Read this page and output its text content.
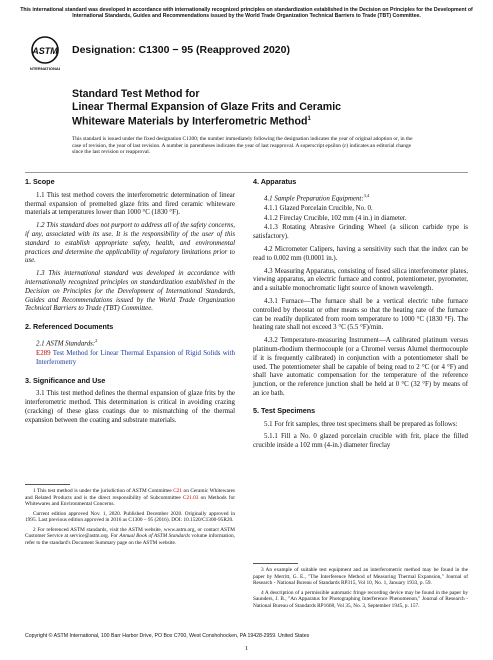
This international standard was developed in accordance with internationally recognized principles on standardization established in the Decision on Principles for the Development of International Standards, Guides and Recommendations issued by the World Trade Organization Technical Barriers to Trade (TBT) Committee.
ASTM
INTERNATIONAL
Designation: C1300 − 95 (Reapproved 2020)
Standard Test Method for
Linear Thermal Expansion of Glaze Frits and Ceramic
Whiteware Materials by Interferometric Method$^1$
This standard is issued under the fixed designation C1300; the number immediately following the designation indicates the year of original adoption or, in the case of revision, the year of last revision. A number in parentheses indicates the year of last reapproval. A superscript epsilon (ε) indicates an editorial change since the last revision or reapproval.
1. Scope

1.1 This test method covers the interferometric determination of linear thermal expansion of premelted glaze frits and fired ceramic whiteware materials at temperatures lower than 1000 °C (1830 °F).

1.2 This standard does not purport to address all of the safety concerns, if any, associated with its use. It is the responsibility of the user of this standard to establish appropriate safety, health, and environmental practices and determine the applicability of regulatory limitations prior to use.

1.3 This international standard was developed in accordance with internationally recognized principles on standardization established in the Decision on Principles for the Development of International Standards, Guides and Recommendations issued by the World Trade Organization Technical Barriers to Trade (TBT) Committee.

2. Referenced Documents

2.1 ASTM Standards:$^2$

E289 Test Method for Linear Thermal Expansion of Rigid Solids with Interferometry
3. Significance and Use

3.1 This test method defines the thermal expansion of glaze frits by the interferometric method. This determination is critical in avoiding crazing (cracking) of these glass coatings due to mismatching of the thermal expansion between the coating and substrate materials.

1 This test method is under the jurisdiction of ASTM Committee C21 on Ceramic Whitewares and Related Products and is the direct responsibility of Subcommittee C21.03 on Methods for Whitewares and Environmental Concerns.

Current edition approved Nov. 1, 2020. Published December 2020. Originally approved in 1995. Last previous edition approved in 2016 as C1300 – 95 (2016). DOI: 10.1520/C1300-95R20.

2 For referenced ASTM standards, visit the ASTM website, www.astm.org, or contact ASTM Customer Service at service@astm.org. For Annual Book of ASTM Standards volume information, refer to the standard's Document Summary page on the ASTM website.

4. Apparatus

4.1 Sample Preparation Equipment:$^{3,4}$

4.1.1 Glazed Porcelain Crucible, No. 0.

4.1.2 Fireclay Crucible, 102 mm (4 in.) in diameter.

4.1.3 Rotating Abrasive Grinding Wheel (a silicon carbide type is satisfactory).

4.2 Micrometer Calipers, having a sensitivity such that the index can be read to 0.002 mm (0.0001 in.).

4.3 Measuring Apparatus, consisting of fused silica interferometer plates, viewing apparatus, an electric furnace and control, potentiometer, pyrometer, and a suitable monochromatic light source of known wavelength.

4.3.1 Furnace—The furnace shall be a vertical electric tube furnace controlled by rheostat or other means so that the heating rate of the furnace can be readily duplicated from room temperature to 1000 °C (1830 °F). The heating rate shall not exceed 3 °C (5.5 °F)/min.

4.3.2 Temperature-measuring Instrument—A calibrated platinum versus platinum-rhodium thermocouple (or a Chromel versus Alumel thermocouple if it is frequently calibrated) in conjunction with a potentiometer shall be used. The potentiometer shall be capable of being read to 2 °C (or 4 °F) and shall have automatic compensation for the temperature of the reference junction, or the reference junction shall be held at 0 °C (32 °F) by means of an ice bath.

5. Test Specimens

5.1 For frit samples, three test specimens shall be prepared as follows:

5.1.1 Fill a No. 0 glazed porcelain crucible with frit, place the filled crucible inside a 102 mm (4-in.) diameter fireclay

3 An example of suitable test equipment and an interferometric method may be found in the paper by Merritt, G. E., "The Interference Method of Measuring Thermal Expansion," Journal of Research - National Bureau of Standards RP315, Vol 10, No. 1, January 1933, p. 59.

4 A description of a permissible automatic fringe recording device may be found in the paper by Saunders, J. B., "An Apparatus for Photographing Interference Phenomenon," Journal of Research - National Bureau of Standards RP1668, Vol 35, No. 3, September 1945, p. 157.

Copyright © ASTM International, 100 Barr Harbor Drive, PO Box C700, West Conshohocken, PA 19428-2959. United States
1
